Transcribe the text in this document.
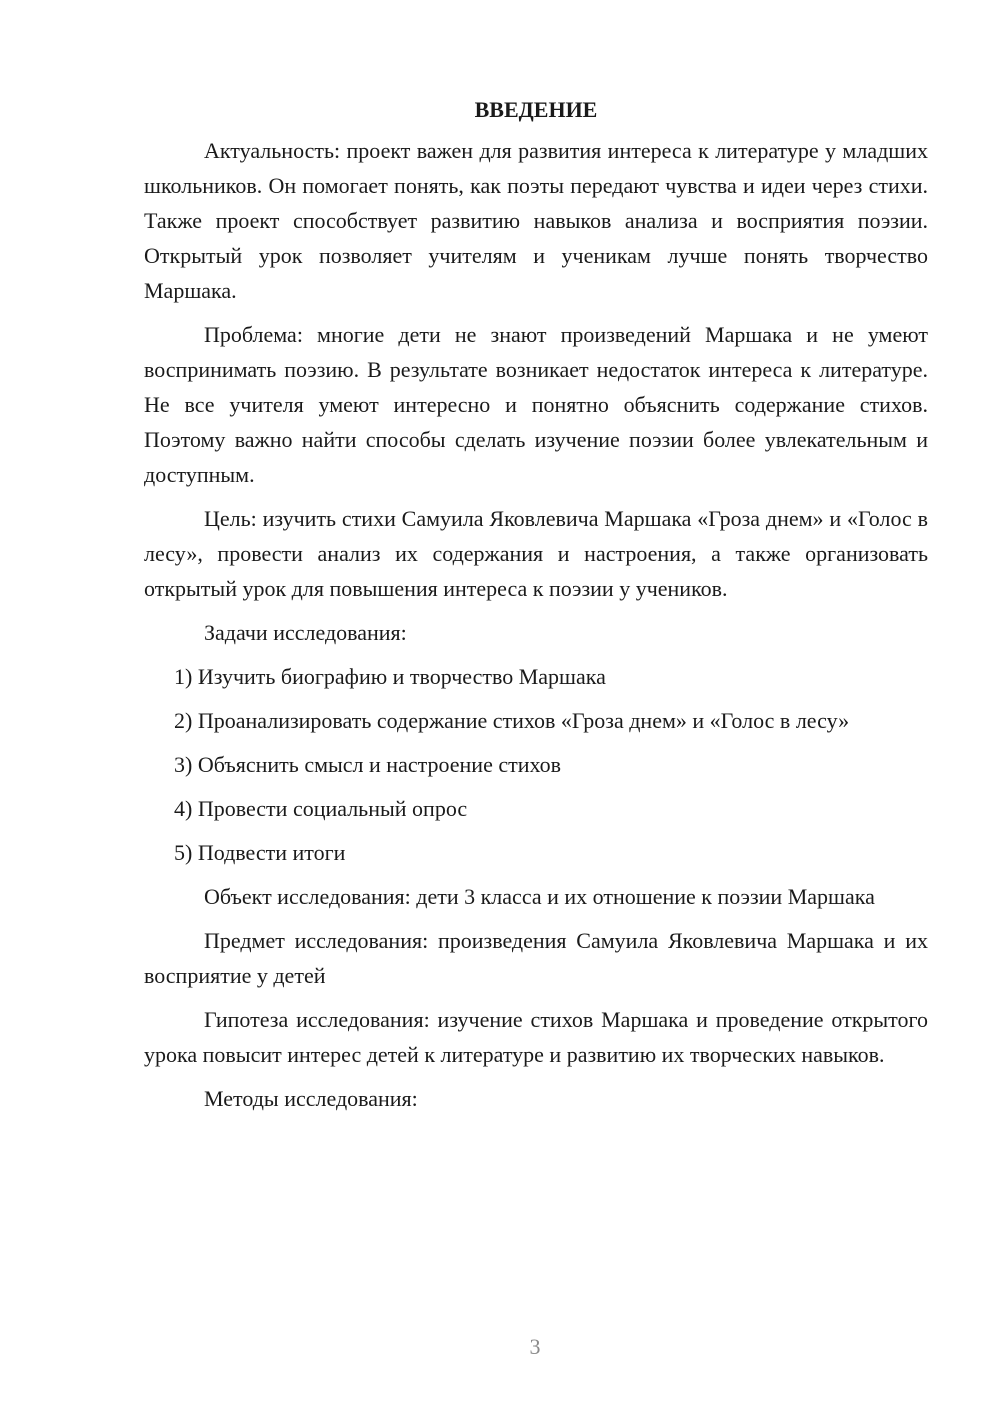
ВВЕДЕНИЕ

Актуальность: проект важен для развития интереса к литературе у младших школьников. Он помогает понять, как поэты передают чувства и идеи через стихи. Также проект способствует развитию навыков анализа и восприятия поэзии. Открытый урок позволяет учителям и ученикам лучше понять творчество Маршака.

Проблема: многие дети не знают произведений Маршака и не умеют воспринимать поэзию. В результате возникает недостаток интереса к литературе. Не все учителя умеют интересно и понятно объяснить содержание стихов. Поэтому важно найти способы сделать изучение поэзии более увлекательным и доступным.

Цель: изучить стихи Самуила Яковлевича Маршака «Гроза днем» и «Голос в лесу», провести анализ их содержания и настроения, а также организовать открытый урок для повышения интереса к поэзии у учеников.

Задачи исследования:

1) Изучить биографию и творчество Маршака

2) Проанализировать содержание стихов «Гроза днем» и «Голос в лесу»

3) Объяснить смысл и настроение стихов

4) Провести социальный опрос

5) Подвести итоги

Объект исследования: дети 3 класса и их отношение к поэзии Маршака

Предмет исследования: произведения Самуила Яковлевича Маршака и их восприятие у детей

Гипотеза исследования: изучение стихов Маршака и проведение открытого урока повысит интерес детей к литературе и развитию их творческих навыков.

Методы исследования:

3
